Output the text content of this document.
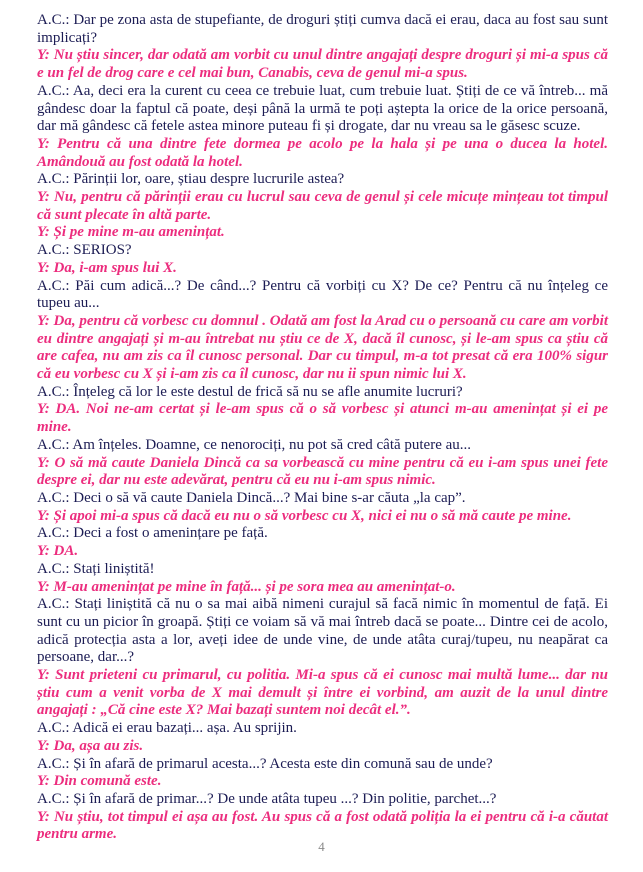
A.C.: Dar pe zona asta de stupefiante, de droguri știți cumva dacă ei erau, daca au fost sau sunt implicați?

Y: Nu știu sincer, dar odată am vorbit cu unul dintre angajați despre droguri și mi-a spus că e un fel de drog care e cel mai bun, Canabis, ceva de genul mi-a spus.

A.C.: Aa, deci era la curent cu ceea ce trebuie luat, cum trebuie luat. Știți de ce vă întreb... mă gândesc doar la faptul că poate, deși până la urmă te poți aștepta la orice de la orice persoană, dar mă gândesc că fetele astea minore puteau fi și drogate, dar nu vreau sa le găsesc scuze.

Y: Pentru că una dintre fete dormea pe acolo pe la hala și pe una o ducea la hotel. Amândouă au fost odată la hotel.

A.C.: Părinții lor, oare, știau despre lucrurile astea?

Y: Nu, pentru că părinții erau cu lucrul sau ceva de genul și cele micuțe mințeau tot timpul că sunt plecate în altă parte.

Y: Și pe mine m-au amenințat.

A.C.: SERIOS?

Y: Da, i-am spus lui X.

A.C.: Păi cum adică...? De când...? Pentru că vorbiți cu X? De ce? Pentru că nu înțeleg ce tupeu au...

Y: Da, pentru că vorbesc cu domnul . Odată am fost la Arad cu o persoană cu care am vorbit eu dintre angajați și m-au întrebat nu știu ce de X, dacă îl cunosc, și le-am spus ca știu că are cafea, nu am zis ca îl cunosc personal. Dar cu timpul, m-a tot presat că era 100% sigur că eu vorbesc cu X și i-am zis ca îl cunosc, dar nu ii spun nimic lui X.

A.C.: Înțeleg că lor le este destul de frică să nu se afle anumite lucruri?

Y: DA. Noi ne-am certat și le-am spus că o să vorbesc și atunci m-au amenințat și ei pe mine.

A.C.: Am înțeles. Doamne, ce nenorociți, nu pot să cred câtă putere au...

Y: O să mă caute Daniela Dincă ca sa vorbească cu mine pentru că eu i-am spus unei fete despre ei, dar nu este adevărat, pentru că eu nu i-am spus nimic.

A.C.: Deci o să vă caute Daniela Dincă...? Mai bine s-ar căuta „la cap”.

Y: Și apoi mi-a spus că dacă eu nu o să vorbesc cu X, nici ei nu o să mă caute pe mine.

A.C.: Deci a fost o amenințare pe față.

Y: DA.

A.C.: Stați liniștită!

Y: M-au amenințat pe mine în față... și pe sora mea au amenințat-o.

A.C.: Stați liniștită că nu o sa mai aibă nimeni curajul să facă nimic în momentul de față. Ei sunt cu un picior în groapă. Știți ce voiam să vă mai întreb dacă se poate... Dintre cei de acolo, adică protecția asta a lor, aveți idee de unde vine, de unde atâta curaj/tupeu, nu neapărat ca persoane, dar...?

Y: Sunt prieteni cu primarul, cu politia. Mi-a spus că ei cunosc mai multă lume... dar nu știu cum a venit vorba de X mai demult și între ei vorbind, am auzit de la unul dintre angajați : „Că cine este X? Mai bazați suntem noi decât el.”.

A.C.: Adică ei erau bazați... așa. Au sprijin.

Y: Da, așa au zis.

A.C.: Și în afară de primarul acesta...? Acesta este din comună sau de unde?

Y: Din comună este.

A.C.: Și în afară de primar...? De unde atâta tupeu ...? Din politie, parchet...?

Y: Nu știu, tot timpul ei așa au fost. Au spus că a fost odată poliția la ei pentru că i-a căutat pentru arme.

4
